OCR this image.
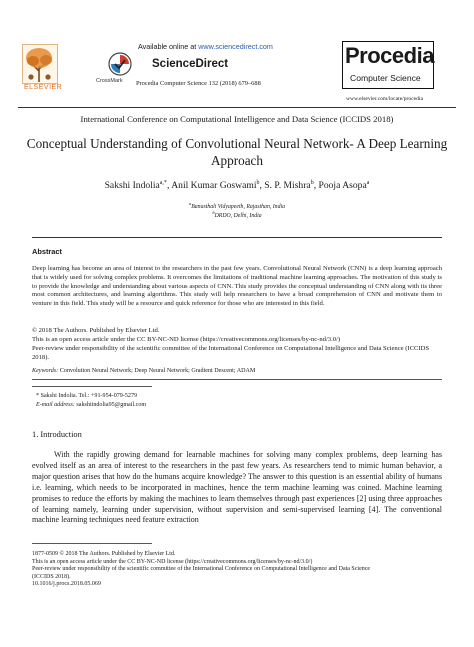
ELSEVIER
CrossMark
Available online at www.sciencedirect.com
ScienceDirect
Procedia Computer Science 132 (2018) 679–688
Procedia
Computer Science
www.elsevier.com/locate/procedia
International Conference on Computational Intelligence and Data Science (ICCIDS 2018)
Conceptual Understanding of Convolutional Neural Network- A Deep Learning Approach
Sakshi Indolia$^{a,*}$, Anil Kumar Goswami$^b$, S. P. Mishra$^b$, Pooja Asopa$^a$
$^a$Banasthali Vidyapeeth, Rajasthan, India
$^b$DRDO, Delhi, India
Abstract
Deep learning has become an area of interest to the researchers in the past few years. Convolutional Neural Network (CNN) is a deep learning approach that is widely used for solving complex problems. It overcomes the limitations of traditional machine learning approaches. The motivation of this study is to provide the knowledge and understanding about various aspects of CNN. This study provides the conceptual understanding of CNN along with its three most common architectures, and learning algorithms. This study will help researchers to have a broad comprehension of CNN and motivate them to venture in this field. This study will be a resource and quick reference for those who are interested in this field.
© 2018 The Authors. Published by Elsevier Ltd.
This is an open access article under the CC BY-NC-ND license (https://creativecommons.org/licenses/by-nc-nd/3.0/)
Peer-review under responsibility of the scientific committee of the International Conference on Computational Intelligence and Data Science (ICCIDS 2018).
Keywords: Convolution Neural Network; Deep Neural Network; Gradient Descent; ADAM
* Sakshi Indolia. Tel.: +91-954-079-5279
E-mail address: sakshiindolia95@gmail.com
1. Introduction
With the rapidly growing demand for learnable machines for solving many complex problems, deep learning has evolved itself as an area of interest to the researchers in the past few years. As researchers tend to mimic human behavior, a major question arises that how do the humans acquire knowledge? The answer to this question is an essential ability of humans i.e. learning, which needs to be incorporated in machines, hence the term machine learning was coined. Machine learning promises to reduce the efforts by making the machines to learn themselves through past experiences [2] using three approaches of learning namely, learning under supervision, without supervision and semi-supervised learning [4]. The conventional machine learning techniques need feature extraction
1877-0509 © 2018 The Authors. Published by Elsevier Ltd.
This is an open access article under the CC BY-NC-ND license (https://creativecommons.org/licenses/by-nc-nd/3.0/)
Peer-review under responsibility of the scientific committee of the International Conference on Computational Intelligence and Data Science
(ICCIDS 2018).
10.1016/j.procs.2018.05.069
